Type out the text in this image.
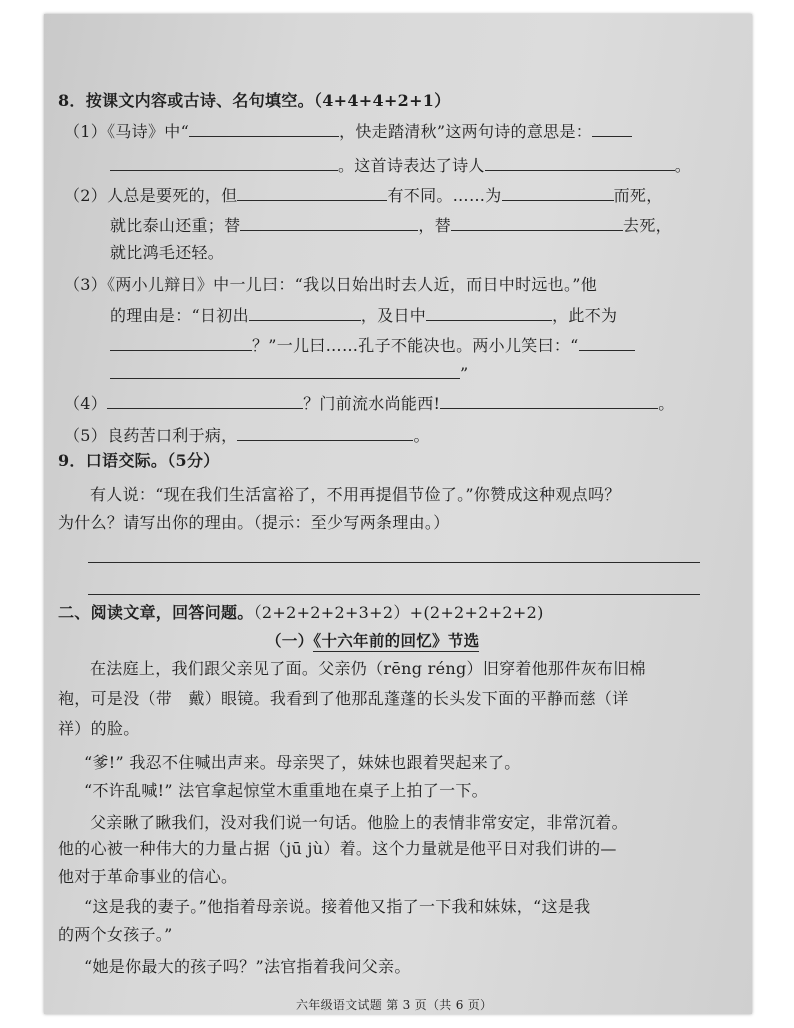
8．按课文内容或古诗、名句填空。（4+4+4+2+1）
（1）《马诗》中“	，快走踏清秋”这两句诗的意思是：
。这首诗表达了诗人	。
（2）人总是要死的，但	有不同。……为	而死，
就比泰山还重；替	，替	去死，
就比鸿毛还轻。
（3）《两小儿辩日》中一儿曰：“我以日始出时去人近，而日中时远也。”他
的理由是：“日初出	，及日中	，此不为
？”一儿曰……孔子不能决也。两小儿笑曰：“
”
（4）	？门前流水尚能西!	。
（5）良药苦口利于病，	。
9．口语交际。（5分）
有人说：“现在我们生活富裕了，不用再提倡节俭了。”你赞成这种观点吗？
为什么？请写出你的理由。（提示：至少写两条理由。）
二、阅读文章，回答问题。（2+2+2+2+3+2）+(2+2+2+2+2)
（一）《十六年前的回忆》节选
在法庭上，我们跟父亲见了面。父亲仍（rēng réng）旧穿着他那件灰布旧棉
袍，可是没（带　戴）眼镜。我看到了他那乱蓬蓬的长头发下面的平静而慈（详
祥）的脸。
“爹!” 我忍不住喊出声来。母亲哭了，妹妹也跟着哭起来了。
“不许乱喊!” 法官拿起惊堂木重重地在桌子上拍了一下。
父亲瞅了瞅我们，没对我们说一句话。他脸上的表情非常安定，非常沉着。
他的心被一种伟大的力量占据（jū jù）着。这个力量就是他平日对我们讲的—
他对于革命事业的信心。
“这是我的妻子。”他指着母亲说。接着他又指了一下我和妹妹，“这是我
的两个女孩子。”
“她是你最大的孩子吗？”法官指着我问父亲。
六年级语文试题 第 3 页（共 6 页）
